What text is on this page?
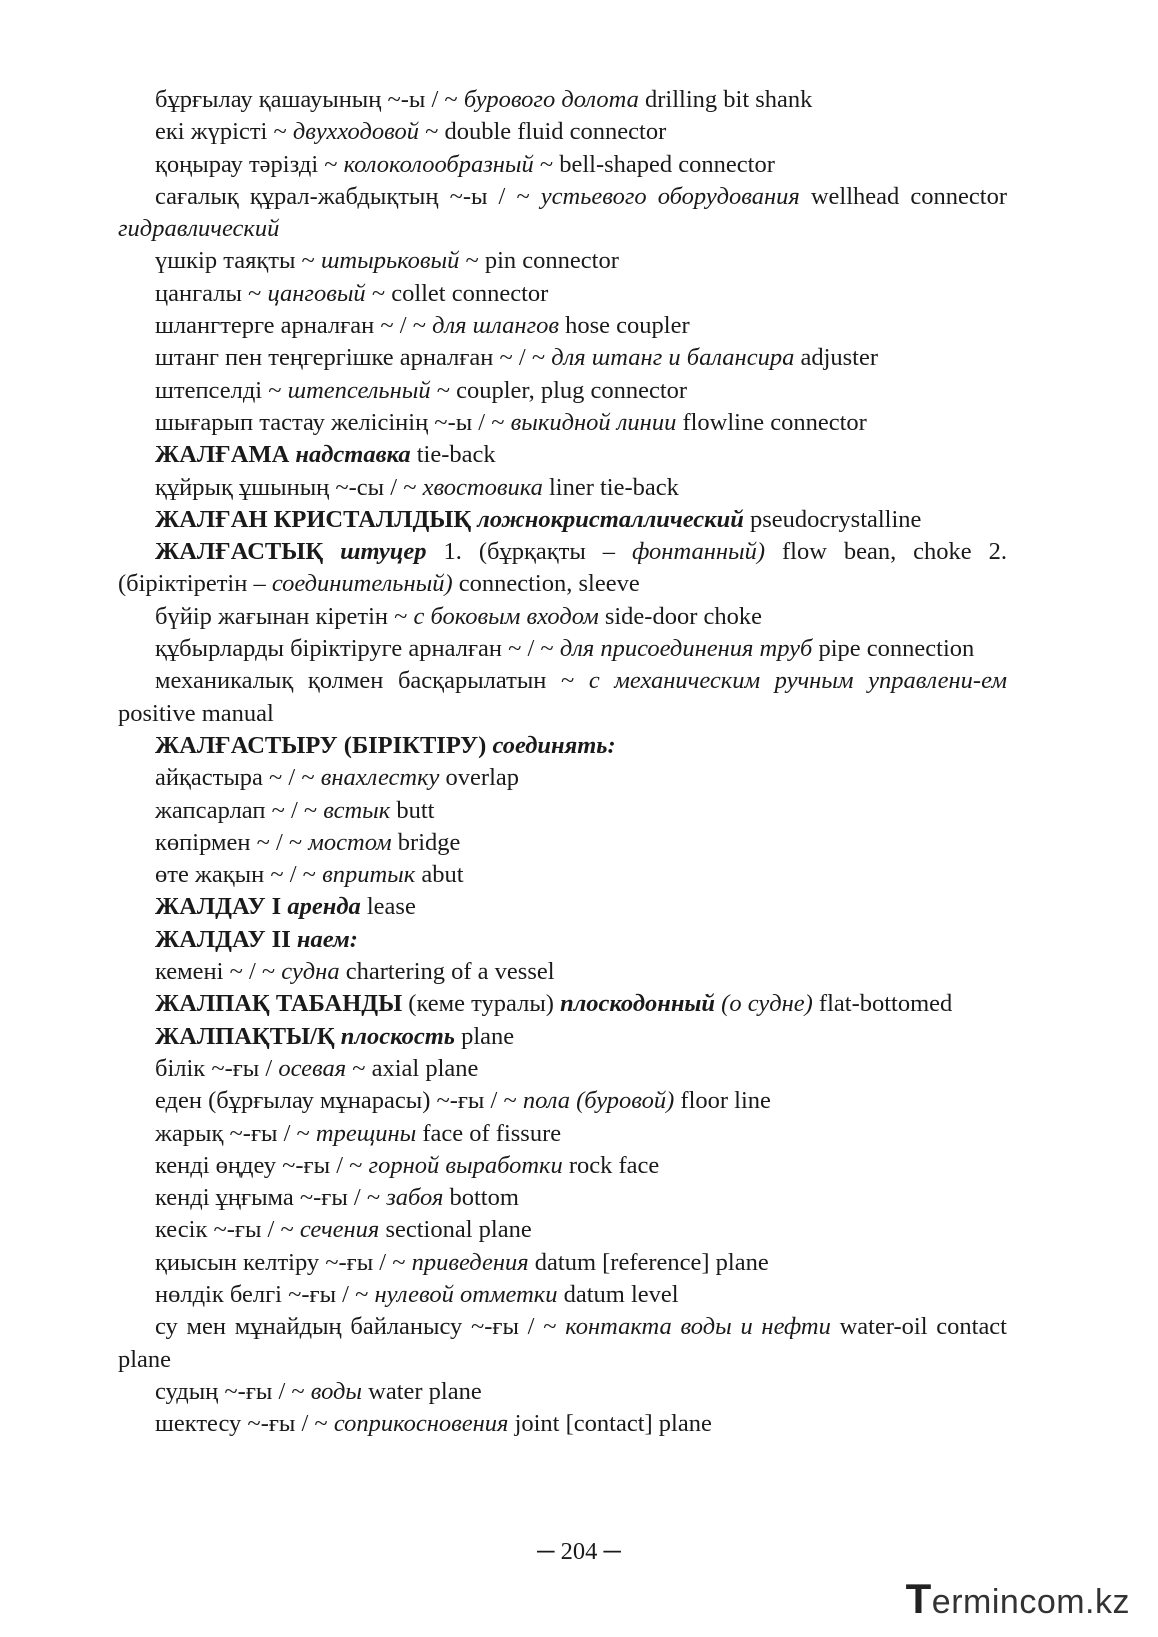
бұрғылау қашауының ~-ы / ~ бурового долота drilling bit shank

екі жүрісті ~ двухходовой ~ double fluid connector

қоңырау тәрізді ~ колоколообразный ~ bell-shaped connector

сағалық құрал-жабдықтың ~-ы / ~ устьевого оборудования wellhead connector гидравлический

үшкір таяқты ~ штырьковый ~ pin connector

цангалы ~ цанговый ~ collet connector

шлангтерге арналған ~ / ~ для шлангов hose coupler

штанг пен теңгергішке арналған ~ / ~ для штанг и балансира adjuster

штепселді ~ штепсельный ~ coupler, plug connector

шығарып тастау желісінің ~-ы / ~ выкидной линии flowline connector

ЖАЛҒАМА надставка tie-back

құйрық ұшының ~-сы / ~ хвостовика liner tie-back

ЖАЛҒАН КРИСТАЛЛДЫҚ ложнокристаллический pseudocrystalline

ЖАЛҒАСТЫҚ штуцер 1. (бұрқақты – фонтанный) flow bean, choke 2. (біріктіретін – соединительный) connection, sleeve

бүйір жағынан кіретін ~ с боковым входом side-door choke

құбырларды біріктіруге арналған ~ / ~ для присоединения труб pipe connection

механикалық қолмен басқарылатын ~ с механическим ручным управлени-ем positive manual

ЖАЛҒАСТЫРУ (БІРІКТІРУ) соединять:

айқастыра ~ / ~ внахлестку overlap

жапсарлап ~ / ~ встык butt

көпірмен ~ / ~ мостом bridge

өте жақын ~ / ~ впритык abut

ЖАЛДАУ І аренда lease

ЖАЛДАУ ІІ наем:

кемені ~ / ~ судна chartering of a vessel

ЖАЛПАҚ ТАБАНДЫ (кеме туралы) плоскодонный (о судне) flat-bottomed

ЖАЛПАҚТЫ/Қ плоскость plane

білік ~-ғы / осевая ~ axial plane

еден (бұрғылау мұнарасы) ~-ғы / ~ пола (буровой) floor line

жарық ~-ғы / ~ трещины face of fissure

кенді өңдеу ~-ғы / ~ горной выработки rock face

кенді ұңғыма ~-ғы / ~ забоя bottom

кесік ~-ғы / ~ сечения sectional plane

қиысын келтіру ~-ғы / ~ приведения datum [reference] plane

нөлдік белгі ~-ғы / ~ нулевой отметки datum level

су мен мұнайдың байланысу ~-ғы / ~ контакта воды и нефти water-oil contact plane

судың ~-ғы / ~ воды water plane

шектесу ~-ғы / ~ соприкосновения joint [contact] plane

─ 204 ─
Termincom.kz
